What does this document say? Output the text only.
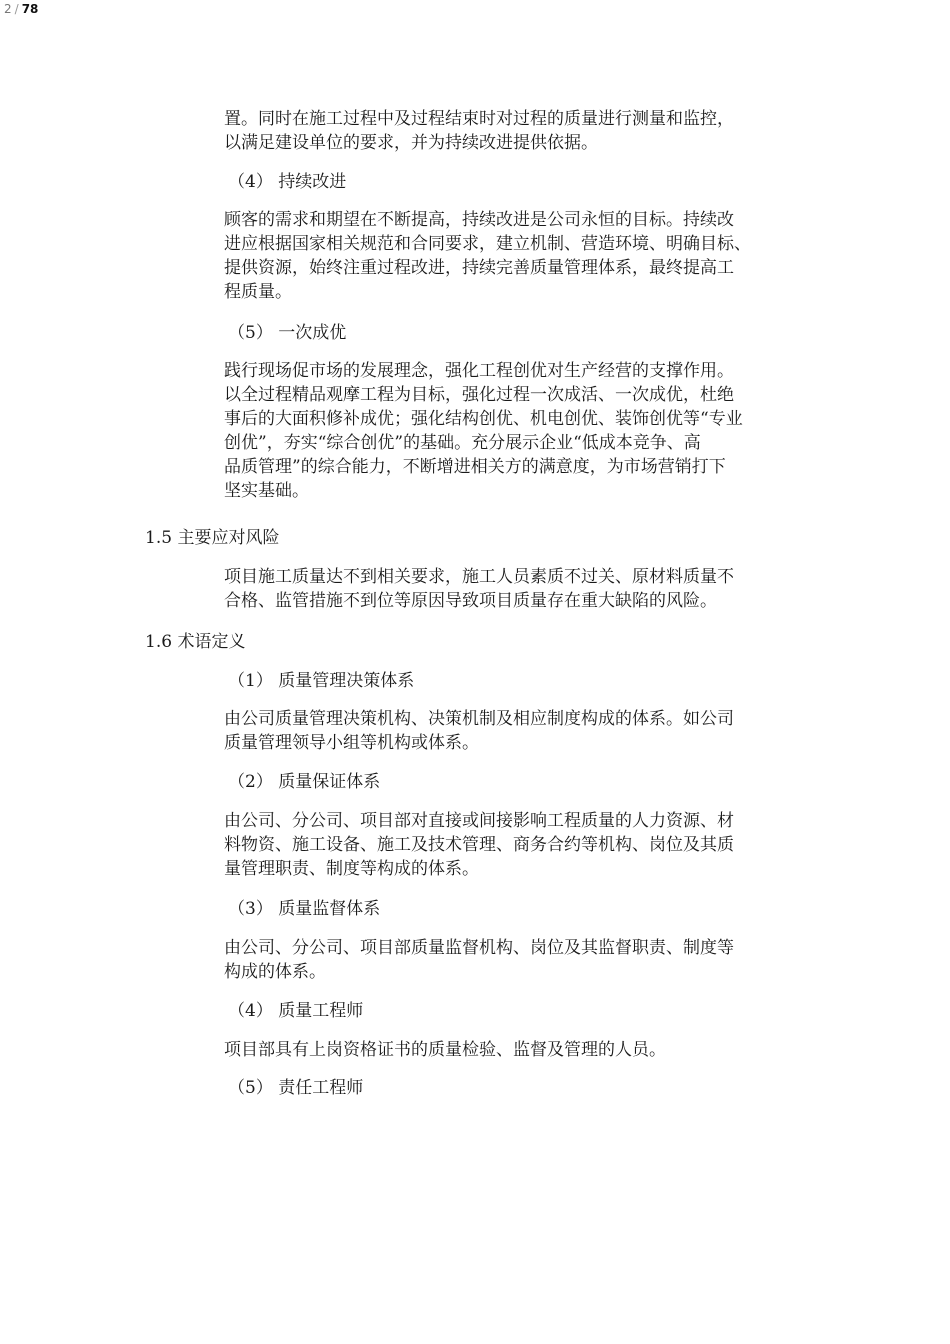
2 / 78
置。同时在施工过程中及过程结束时对过程的质量进行测量和监控，
以满足建设单位的要求，并为持续改进提供依据。
（4） 持续改进
顾客的需求和期望在不断提高，持续改进是公司永恒的目标。持续改
进应根据国家相关规范和合同要求，建立机制、营造环境、明确目标、
提供资源，始终注重过程改进，持续完善质量管理体系，最终提高工
程质量。
（5） 一次成优
践行现场促市场的发展理念，强化工程创优对生产经营的支撑作用。
以全过程精品观摩工程为目标，强化过程一次成活、一次成优，杜绝
事后的大面积修补成优；强化结构创优、机电创优、装饰创优等“专业
创优”，夯实“综合创优”的基础。充分展示企业“低成本竞争、高
品质管理”的综合能力，不断增进相关方的满意度，为市场营销打下
坚实基础。
1.5 主要应对风险
项目施工质量达不到相关要求，施工人员素质不过关、原材料质量不
合格、监管措施不到位等原因导致项目质量存在重大缺陷的风险。
1.6 术语定义
（1） 质量管理决策体系
由公司质量管理决策机构、决策机制及相应制度构成的体系。如公司
质量管理领导小组等机构或体系。
（2） 质量保证体系
由公司、分公司、项目部对直接或间接影响工程质量的人力资源、材
料物资、施工设备、施工及技术管理、商务合约等机构、岗位及其质
量管理职责、制度等构成的体系。
（3） 质量监督体系
由公司、分公司、项目部质量监督机构、岗位及其监督职责、制度等
构成的体系。
（4） 质量工程师
项目部具有上岗资格证书的质量检验、监督及管理的人员。
（5） 责任工程师
